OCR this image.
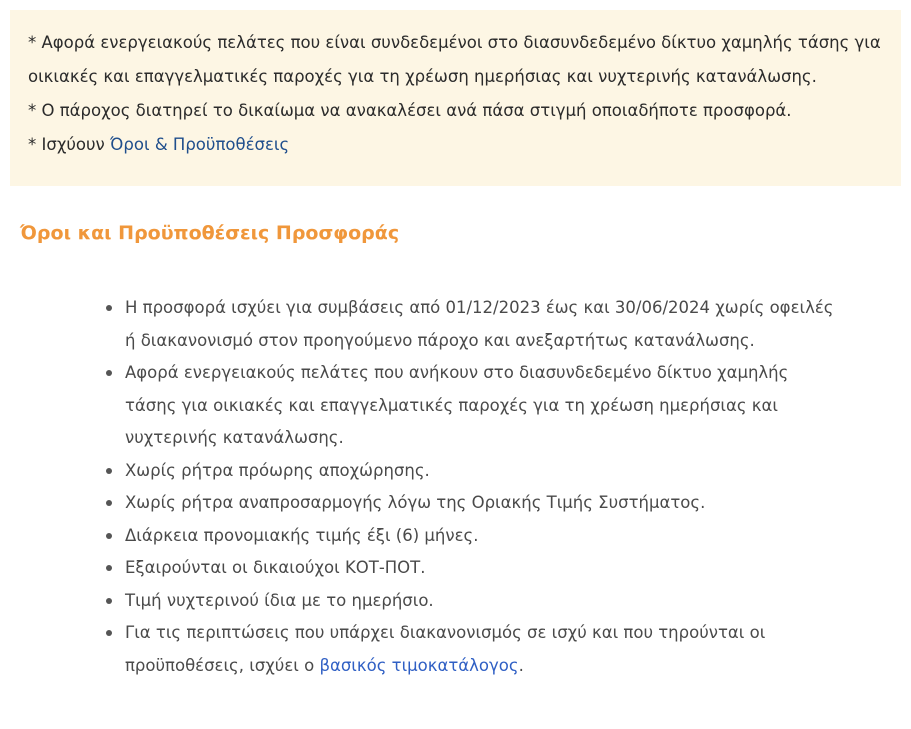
* Αφορά ενεργειακούς πελάτες που είναι συνδεδεμένοι στο διασυνδεδεμένο δίκτυο χαμηλής τάσης για

οικιακές και επαγγελματικές παροχές για τη χρέωση ημερήσιας και νυχτερινής κατανάλωσης.

* Ο πάροχος διατηρεί το δικαίωμα να ανακαλέσει ανά πάσα στιγμή οποιαδήποτε προσφορά.

* Ισχύουν Όροι & Προϋποθέσεις

Όροι και Προϋποθέσεις Προσφοράς
Η προσφορά ισχύει για συμβάσεις από 01/12/2023 έως και 30/06/2024 χωρίς οφειλές ή διακανονισμό στον προηγούμενο πάροχο και ανεξαρτήτως κατανάλωσης.
Αφορά ενεργειακούς πελάτες που ανήκουν στο διασυνδεδεμένο δίκτυο χαμηλής τάσης για οικιακές και επαγγελματικές παροχές για τη χρέωση ημερήσιας και νυχτερινής κατανάλωσης.
Χωρίς ρήτρα πρόωρης αποχώρησης.
Χωρίς ρήτρα αναπροσαρμογής λόγω της Οριακής Τιμής Συστήματος.
Διάρκεια προνομιακής τιμής έξι (6) μήνες.
Εξαιρούνται οι δικαιούχοι ΚΟΤ-ΠΟΤ.
Τιμή νυχτερινού ίδια με το ημερήσιο.
Για τις περιπτώσεις που υπάρχει διακανονισμός σε ισχύ και που τηρούνται οι προϋποθέσεις, ισχύει ο βασικός τιμοκατάλογος.
